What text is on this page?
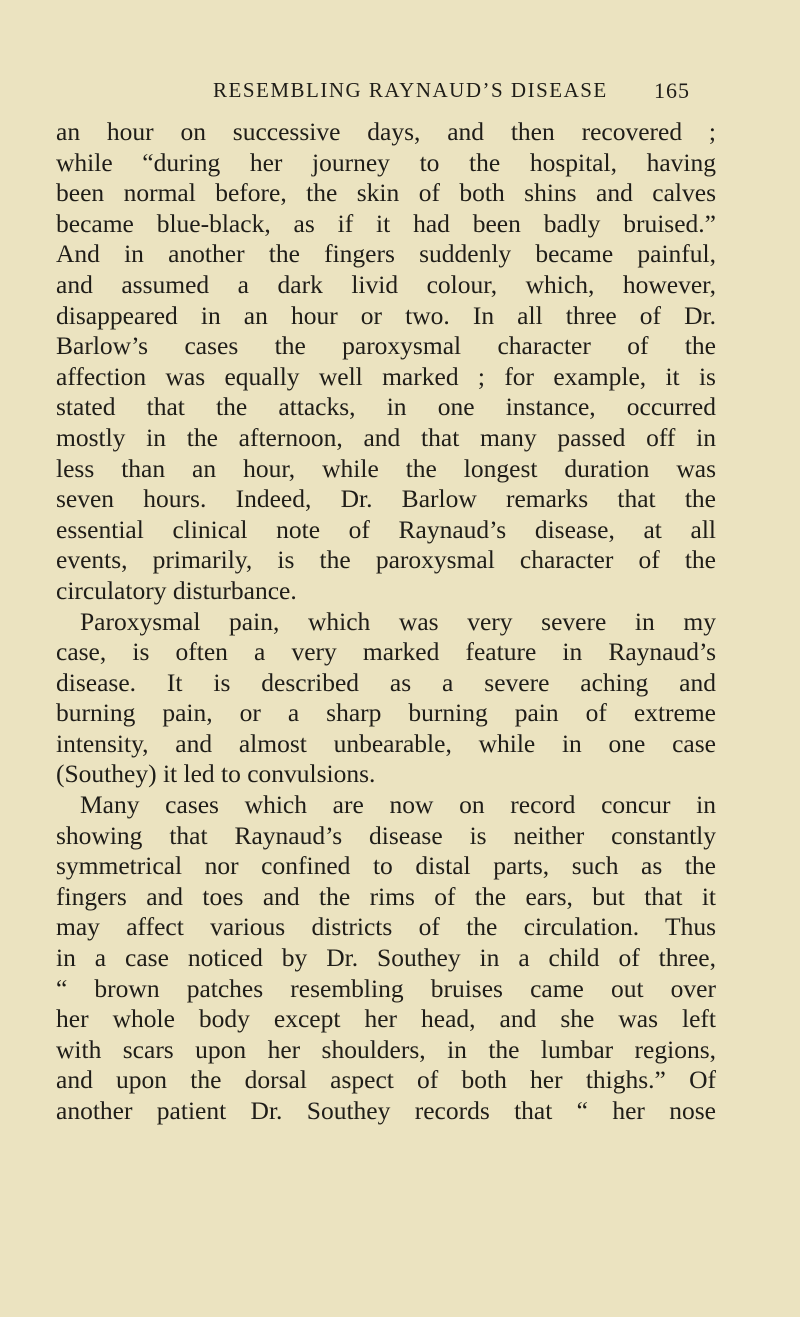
RESEMBLING RAYNAUD’S DISEASE 165
an hour on successive days, and then recovered ;
while “during her journey to the hospital, having
been normal before, the skin of both shins and calves
became blue-black, as if it had been badly bruised.”
And in another the fingers suddenly became painful,
and assumed a dark livid colour, which, however,
disappeared in an hour or two. In all three of Dr.
Barlow’s cases the paroxysmal character of the
affection was equally well marked ; for example, it is
stated that the attacks, in one instance, occurred
mostly in the afternoon, and that many passed off in
less than an hour, while the longest duration was
seven hours. Indeed, Dr. Barlow remarks that the
essential clinical note of Raynaud’s disease, at all
events, primarily, is the paroxysmal character of the
circulatory disturbance.
Paroxysmal pain, which was very severe in my
case, is often a very marked feature in Raynaud’s
disease. It is described as a severe aching and
burning pain, or a sharp burning pain of extreme
intensity, and almost unbearable, while in one case
(Southey) it led to convulsions.
Many cases which are now on record concur in
showing that Raynaud’s disease is neither constantly
symmetrical nor confined to distal parts, such as the
fingers and toes and the rims of the ears, but that it
may affect various districts of the circulation. Thus
in a case noticed by Dr. Southey in a child of three,
“ brown patches resembling bruises came out over
her whole body except her head, and she was left
with scars upon her shoulders, in the lumbar regions,
and upon the dorsal aspect of both her thighs.” Of
another patient Dr. Southey records that “ her nose
